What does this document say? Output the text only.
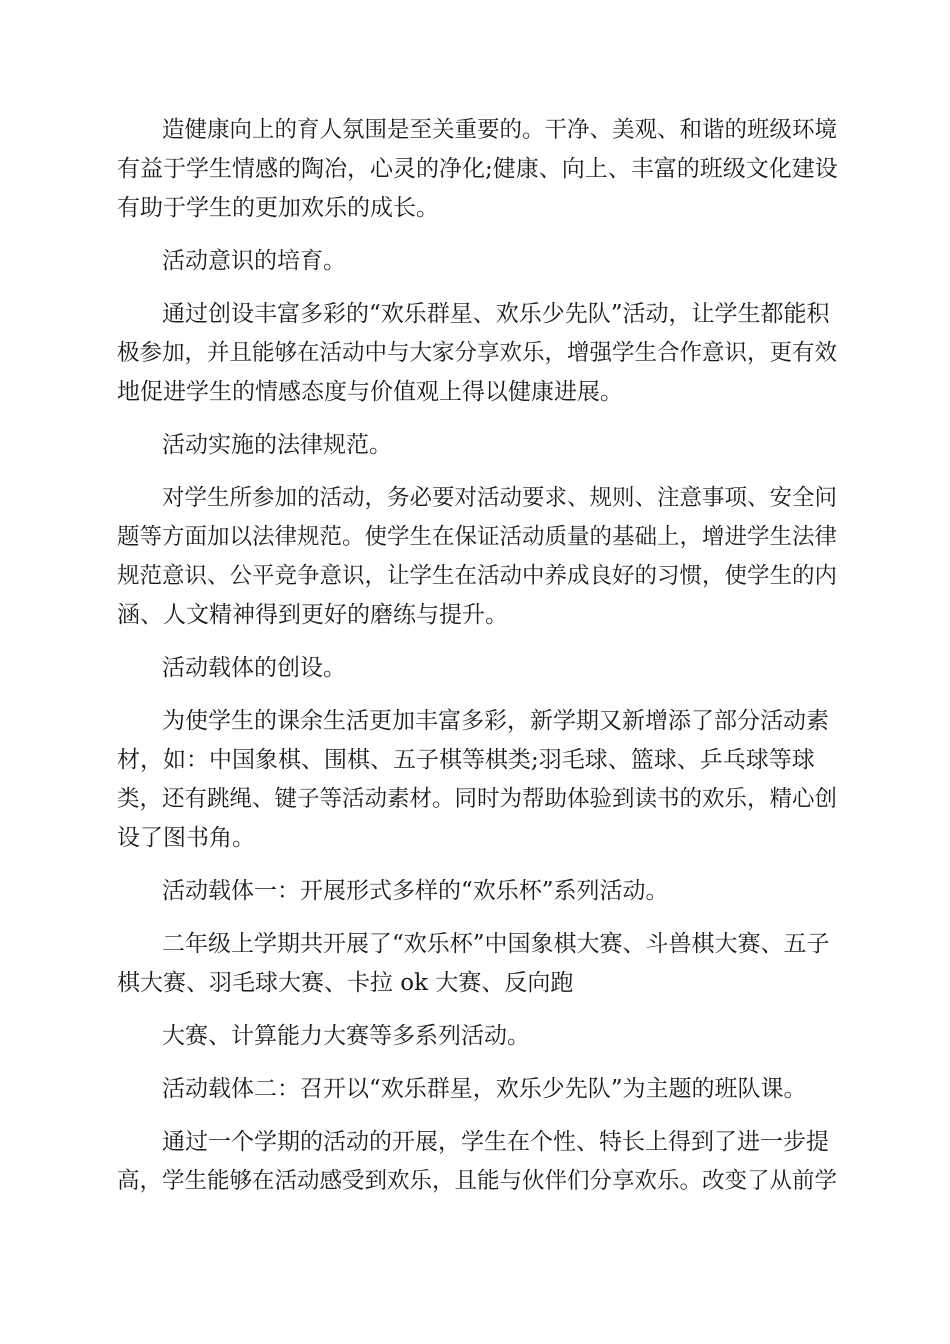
造健康向上的育人氛围是至关重要的。干净、美观、和谐的班级环境
有益于学生情感的陶冶，心灵的净化;健康、向上、丰富的班级文化建设
有助于学生的更加欢乐的成长。
活动意识的培育。
通过创设丰富多彩的“欢乐群星、欢乐少先队”活动，让学生都能积
极参加，并且能够在活动中与大家分享欢乐，增强学生合作意识，更有效
地促进学生的情感态度与价值观上得以健康进展。
活动实施的法律规范。
对学生所参加的活动，务必要对活动要求、规则、注意事项、安全问
题等方面加以法律规范。使学生在保证活动质量的基础上，增进学生法律
规范意识、公平竞争意识，让学生在活动中养成良好的习惯，使学生的内
涵、人文精神得到更好的磨练与提升。
活动载体的创设。
为使学生的课余生活更加丰富多彩，新学期又新增添了部分活动素
材，如：中国象棋、围棋、五子棋等棋类;羽毛球、篮球、乒乓球等球
类，还有跳绳、键子等活动素材。同时为帮助体验到读书的欢乐，精心创
设了图书角。
活动载体一：开展形式多样的“欢乐杯”系列活动。
二年级上学期共开展了“欢乐杯”中国象棋大赛、斗兽棋大赛、五子
棋大赛、羽毛球大赛、卡拉 ok 大赛、反向跑
大赛、计算能力大赛等多系列活动。
活动载体二：召开以“欢乐群星，欢乐少先队”为主题的班队课。
通过一个学期的活动的开展，学生在个性、特长上得到了进一步提
高，学生能够在活动感受到欢乐，且能与伙伴们分享欢乐。改变了从前学
